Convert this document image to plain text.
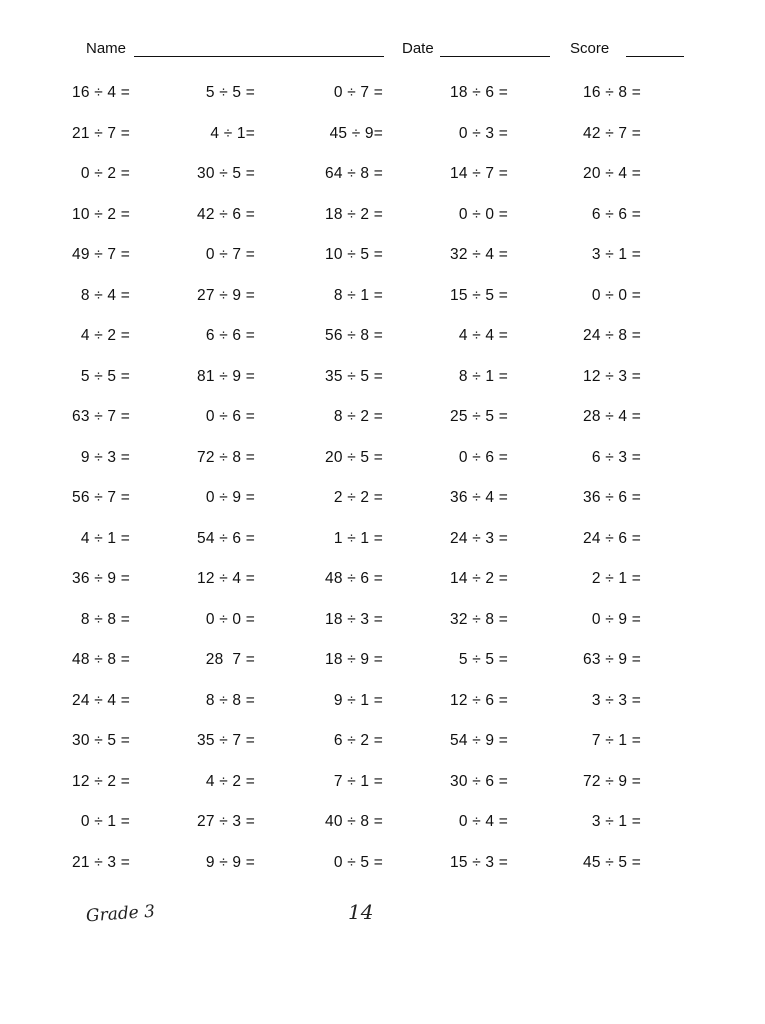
Name	Date	Score
16 ÷ 4 =	5 ÷ 5 =	0 ÷ 7 =	18 ÷ 6 =	16 ÷ 8 =
21 ÷ 7 =	4 ÷ 1=	45 ÷ 9=	0 ÷ 3 =	42 ÷ 7 =
0 ÷ 2 =	30 ÷ 5 =	64 ÷ 8 =	14 ÷ 7 =	20 ÷ 4 =
10 ÷ 2 =	42 ÷ 6 =	18 ÷ 2 =	0 ÷ 0 =	6 ÷ 6 =
49 ÷ 7 =	0 ÷ 7 =	10 ÷ 5 =	32 ÷ 4 =	3 ÷ 1 =
8 ÷ 4 =	27 ÷ 9 =	8 ÷ 1 =	15 ÷ 5 =	0 ÷ 0 =
4 ÷ 2 =	6 ÷ 6 =	56 ÷ 8 =	4 ÷ 4 =	24 ÷ 8 =
5 ÷ 5 =	81 ÷ 9 =	35 ÷ 5 =	8 ÷ 1 =	12 ÷ 3 =
63 ÷ 7 =	0 ÷ 6 =	8 ÷ 2 =	25 ÷ 5 =	28 ÷ 4 =
9 ÷ 3 =	72 ÷ 8 =	20 ÷ 5 =	0 ÷ 6 =	6 ÷ 3 =
56 ÷ 7 =	0 ÷ 9 =	2 ÷ 2 =	36 ÷ 4 =	36 ÷ 6 =
4 ÷ 1 =	54 ÷ 6 =	1 ÷ 1 =	24 ÷ 3 =	24 ÷ 6 =
36 ÷ 9 =	12 ÷ 4 =	48 ÷ 6 =	14 ÷ 2 =	2 ÷ 1 =
8 ÷ 8 =	0 ÷ 0 =	18 ÷ 3 =	32 ÷ 8 =	0 ÷ 9 =
48 ÷ 8 =	28  7 =	18 ÷ 9 =	5 ÷ 5 =	63 ÷ 9 =
24 ÷ 4 =	8 ÷ 8 =	9 ÷ 1 =	12 ÷ 6 =	3 ÷ 3 =
30 ÷ 5 =	35 ÷ 7 =	6 ÷ 2 =	54 ÷ 9 =	7 ÷ 1 =
12 ÷ 2 =	4 ÷ 2 =	7 ÷ 1 =	30 ÷ 6 =	72 ÷ 9 =
0 ÷ 1 =	27 ÷ 3 =	40 ÷ 8 =	0 ÷ 4 =	3 ÷ 1 =
21 ÷ 3 =	9 ÷ 9 =	0 ÷ 5 =	15 ÷ 3 =	45 ÷ 5 =
Grade 3	14
